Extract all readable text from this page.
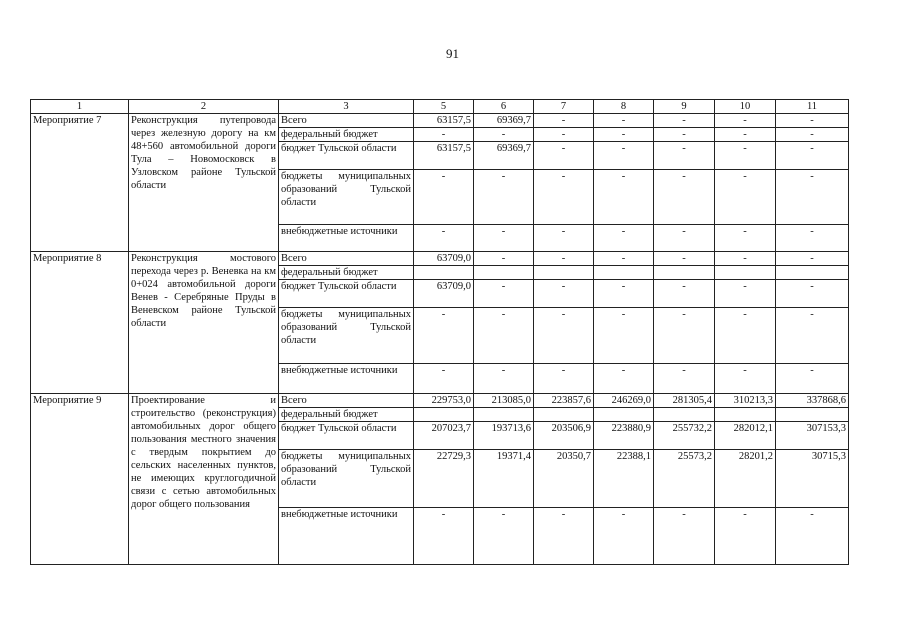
91
1	2	3	5	6	7	8	9	10	11
Мероприятие 7	Реконструкция путепровода через железную дорогу на км 48+560 автомобильной дороги Тула – Новомосковск в Узловском районе Тульской области	Всего	63157,5	69369,7	-	-	-	-	-
		федеральный бюджет	-	-	-	-	-	-	-
		бюджет Тульской области	63157,5	69369,7	-	-	-	-	-
		бюджеты муниципальных образований Тульской области	-	-	-	-	-	-	-
		внебюджетные источники	-	-	-	-	-	-	-
Мероприятие 8	Реконструкция мостового перехода через р. Веневка на км 0+024 автомобильной дороги Венев - Серебряные Пруды в Веневском районе Тульской области	Всего	63709,0	-	-	-	-	-	-
		федеральный бюджет							
		бюджет Тульской области	63709,0	-	-	-	-	-	-
		бюджеты муниципальных образований Тульской области	-	-	-	-	-	-	-
		внебюджетные источники	-	-	-	-	-	-	-
Мероприятие 9	Проектирование и строительство (реконструкция) автомобильных дорог общего пользования местного значения с твердым покрытием до сельских населенных пунктов, не имеющих круглогодичной связи с сетью автомобильных дорог общего пользования	Всего	229753,0	213085,0	223857,6	246269,0	281305,4	310213,3	337868,6
		федеральный бюджет							
		бюджет Тульской области	207023,7	193713,6	203506,9	223880,9	255732,2	282012,1	307153,3
		бюджеты муниципальных образований Тульской области	22729,3	19371,4	20350,7	22388,1	25573,2	28201,2	30715,3
		внебюджетные источники	-	-	-	-	-	-	-
